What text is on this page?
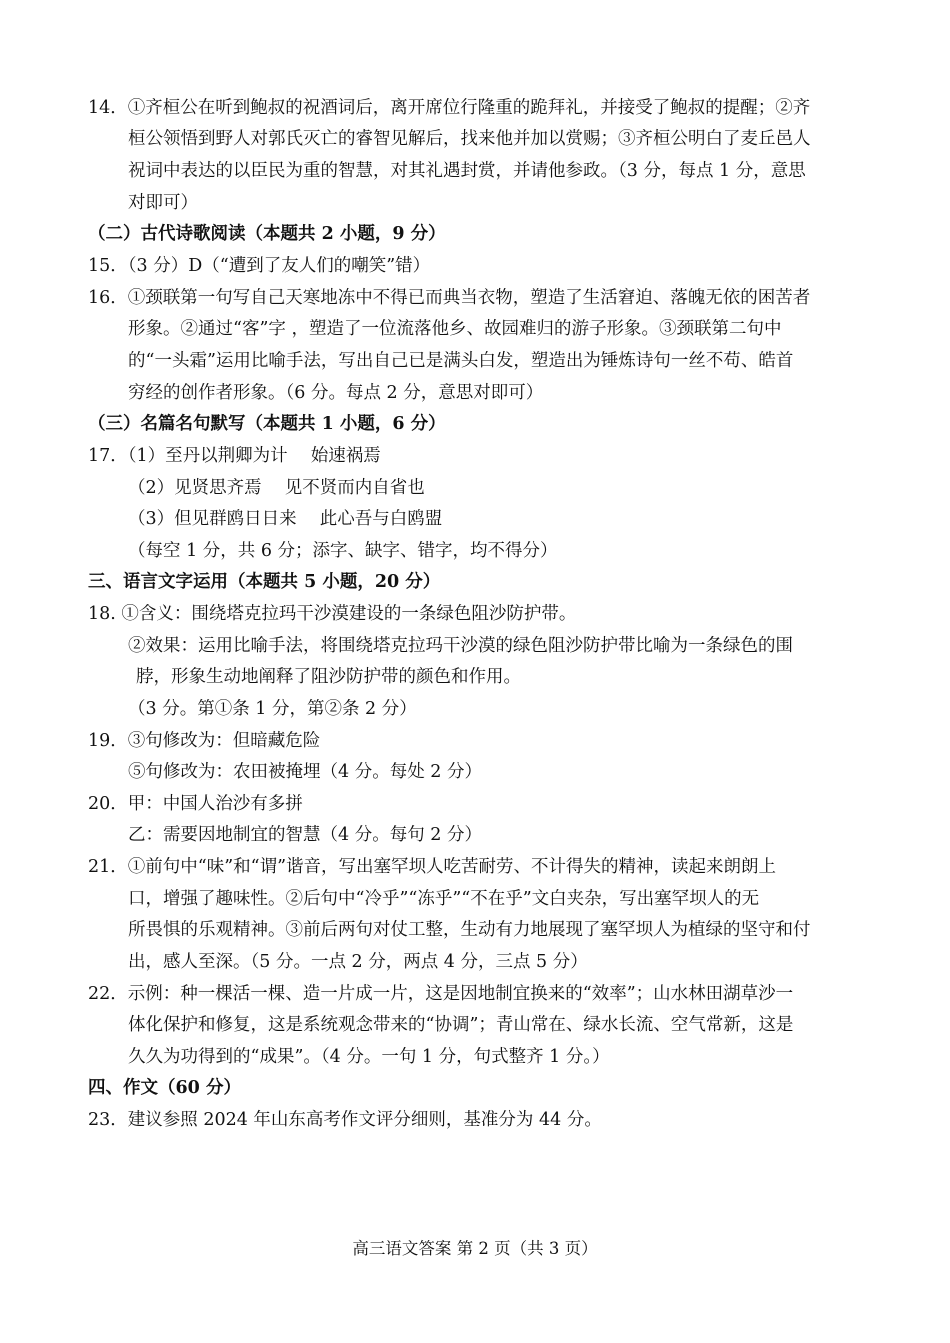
14．①齐桓公在听到鲍叔的祝酒词后，离开席位行隆重的跪拜礼，并接受了鲍叔的提醒；②齐
桓公领悟到野人对郭氏灭亡的睿智见解后，找来他并加以赏赐；③齐桓公明白了麦丘邑人
祝词中表达的以臣民为重的智慧，对其礼遇封赏，并请他参政。（3 分，每点 1 分，意思
对即可）
（二）古代诗歌阅读（本题共 2 小题，9 分）
15．（3 分）D（“遭到了友人们的嘲笑”错）
16．①颈联第一句写自己天寒地冻中不得已而典当衣物，塑造了生活窘迫、落魄无依的困苦者
形象。②通过“客”字 ，塑造了一位流落他乡、故园难归的游子形象。③颈联第二句中
的“一头霜”运用比喻手法，写出自己已是满头白发，塑造出为锤炼诗句一丝不苟、皓首
穷经的创作者形象。（6 分。每点 2 分，意思对即可）
（三）名篇名句默写（本题共 1 小题，6 分）
17．（1）至丹以荆卿为计　 始速祸焉
（2）见贤思齐焉　 见不贤而内自省也
（3）但见群鸥日日来　 此心吾与白鸥盟
（每空 1 分，共 6 分；添字、缺字、错字，均不得分）
三、语言文字运用（本题共 5 小题，20 分）
18. ①含义：围绕塔克拉玛干沙漠建设的一条绿色阻沙防护带。
②效果：运用比喻手法，将围绕塔克拉玛干沙漠的绿色阻沙防护带比喻为一条绿色的围
脖，形象生动地阐释了阻沙防护带的颜色和作用。
（3 分。第①条 1 分，第②条 2 分）
19．③句修改为：但暗藏危险
⑤句修改为：农田被掩埋（4 分。每处 2 分）
20．甲：中国人治沙有多拼
乙：需要因地制宜的智慧（4 分。每句 2 分）
21．①前句中“味”和“谓”谐音，写出塞罕坝人吃苦耐劳、不计得失的精神，读起来朗朗上
口，增强了趣味性。②后句中“冷乎”“冻乎”“不在乎”文白夹杂，写出塞罕坝人的无
所畏惧的乐观精神。③前后两句对仗工整，生动有力地展现了塞罕坝人为植绿的坚守和付
出，感人至深。（5 分。一点 2 分，两点 4 分，三点 5 分）
22．示例：种一棵活一棵、造一片成一片，这是因地制宜换来的“效率”；山水林田湖草沙一
体化保护和修复，这是系统观念带来的“协调”；青山常在、绿水长流、空气常新，这是
久久为功得到的“成果”。（4 分。一句 1 分，句式整齐 1 分。）
四、作文（60 分）
23．建议参照 2024 年山东高考作文评分细则，基准分为 44 分。
高三语文答案 第 2 页（共 3 页）
